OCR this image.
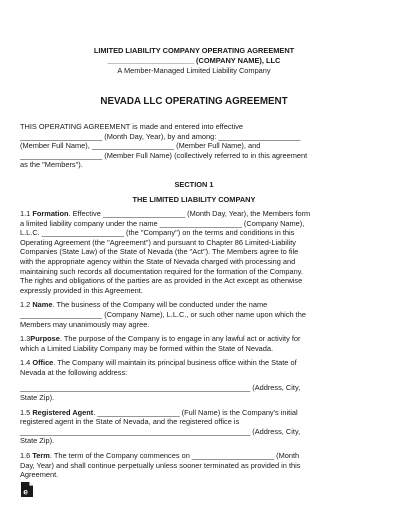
LIMITED LIABILITY COMPANY OPERATING AGREEMENT
_____________________ (COMPANY NAME), LLC
A Member-Managed Limited Liability Company
NEVADA LLC OPERATING AGREEMENT
THIS OPERATING AGREEMENT is made and entered into effective
____________________ (Month Day, Year), by and among: ____________________
(Member Full Name), ____________________ (Member Full Name), and
____________________ (Member Full Name) (collectively referred to in this agreement
as the "Members").
SECTION 1
THE LIMITED LIABILITY COMPANY
1.1 Formation. Effective ____________________ (Month Day, Year), the Members form
a limited liability company under the name ____________________ (Company Name),
L.L.C. ____________________ (the "Company") on the terms and conditions in this
Operating Agreement (the "Agreement") and pursuant to Chapter 86 Limited-Liability
Companies (State Law) of the State of Nevada (the "Act"). The Members agree to file
with the appropriate agency within the State of Nevada charged with processing and
maintaining such records all documentation required for the formation of the Company.
The rights and obligations of the parties are as provided in the Act except as otherwise
expressly provided in this Agreement.
1.2 Name. The business of the Company will be conducted under the name
____________________ (Company Name), L.L.C., or such other name upon which the
Members may unanimously may agree.
1.3Purpose. The purpose of the Company is to engage in any lawful act or activity for
which a Limited Liability Company may be formed within the State of Nevada.
1.4 Office. The Company will maintain its principal business office within the State of
Nevada at the following address:
________________________________________________________ (Address, City,
State Zip).
1.5 Registered Agent. ____________________ (Full Name) is the Company's initial
registered agent in the State of Nevada, and the registered office is
________________________________________________________ (Address, City,
State Zip).
1.6 Term. The term of the Company commences on ____________________ (Month
Day, Year) and shall continue perpetually unless sooner terminated as provided in this
Agreement.
e
